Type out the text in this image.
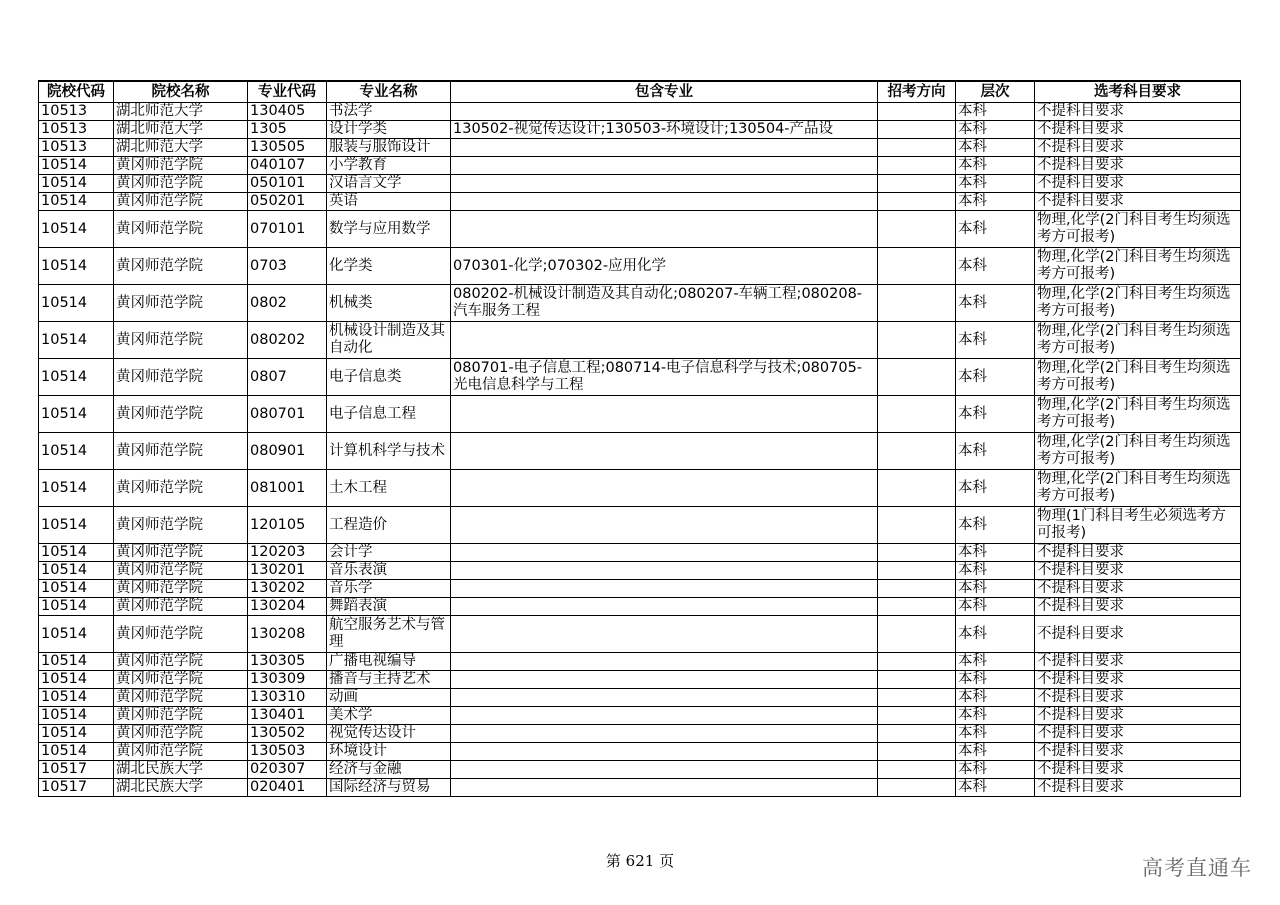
院校代码	院校名称	专业代码	专业名称	包含专业	招考方向	层次	选考科目要求
10513	湖北师范大学	130405	书法学			本科	不提科目要求
10513	湖北师范大学	1305	设计学类	130502-视觉传达设计;130503-环境设计;130504-产品设		本科	不提科目要求
10513	湖北师范大学	130505	服装与服饰设计			本科	不提科目要求
10514	黄冈师范学院	040107	小学教育			本科	不提科目要求
10514	黄冈师范学院	050101	汉语言文学			本科	不提科目要求
10514	黄冈师范学院	050201	英语			本科	不提科目要求
10514	黄冈师范学院	070101	数学与应用数学			本科	物理,化学(2门科目考生均须选考方可报考)
10514	黄冈师范学院	0703	化学类	070301-化学;070302-应用化学		本科	物理,化学(2门科目考生均须选考方可报考)
10514	黄冈师范学院	0802	机械类	080202-机械设计制造及其自动化;080207-车辆工程;080208-汽车服务工程		本科	物理,化学(2门科目考生均须选考方可报考)
10514	黄冈师范学院	080202	机械设计制造及其自动化			本科	物理,化学(2门科目考生均须选考方可报考)
10514	黄冈师范学院	0807	电子信息类	080701-电子信息工程;080714-电子信息科学与技术;080705-光电信息科学与工程		本科	物理,化学(2门科目考生均须选考方可报考)
10514	黄冈师范学院	080701	电子信息工程			本科	物理,化学(2门科目考生均须选考方可报考)
10514	黄冈师范学院	080901	计算机科学与技术			本科	物理,化学(2门科目考生均须选考方可报考)
10514	黄冈师范学院	081001	土木工程			本科	物理,化学(2门科目考生均须选考方可报考)
10514	黄冈师范学院	120105	工程造价			本科	物理(1门科目考生必须选考方可报考)
10514	黄冈师范学院	120203	会计学			本科	不提科目要求
10514	黄冈师范学院	130201	音乐表演			本科	不提科目要求
10514	黄冈师范学院	130202	音乐学			本科	不提科目要求
10514	黄冈师范学院	130204	舞蹈表演			本科	不提科目要求
10514	黄冈师范学院	130208	航空服务艺术与管理			本科	不提科目要求
10514	黄冈师范学院	130305	广播电视编导			本科	不提科目要求
10514	黄冈师范学院	130309	播音与主持艺术			本科	不提科目要求
10514	黄冈师范学院	130310	动画			本科	不提科目要求
10514	黄冈师范学院	130401	美术学			本科	不提科目要求
10514	黄冈师范学院	130502	视觉传达设计			本科	不提科目要求
10514	黄冈师范学院	130503	环境设计			本科	不提科目要求
10517	湖北民族大学	020307	经济与金融			本科	不提科目要求
10517	湖北民族大学	020401	国际经济与贸易			本科	不提科目要求
第 621 页	高考直通车
